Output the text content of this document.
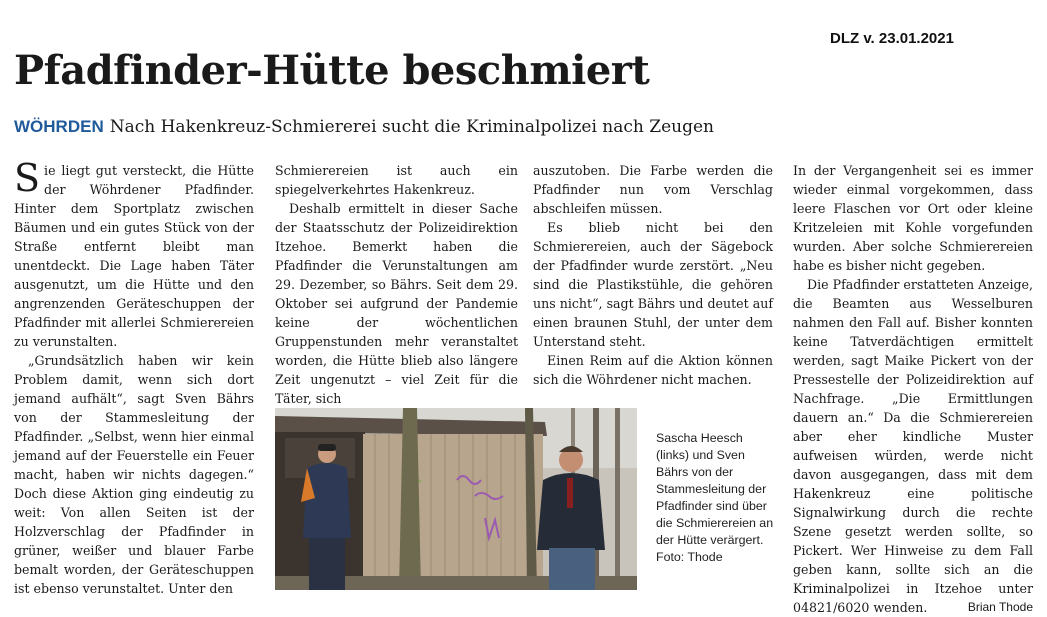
DLZ v. 23.01.2021
Pfadfinder-Hütte beschmiert
WÖHRDEN Nach Hakenkreuz-Schmiererei sucht die Kriminalpolizei nach Zeugen

Sie liegt gut versteckt, die Hütte der Wöhrdener Pfadfinder. Hinter dem Sportplatz zwischen Bäumen und ein gutes Stück von der Straße entfernt bleibt man unentdeckt. Die Lage haben Täter ausgenutzt, um die Hütte und den angrenzenden Geräteschuppen der Pfadfinder mit allerlei Schmierereien zu verunstalten.

„Grundsätzlich haben wir kein Problem damit, wenn sich dort jemand aufhält“, sagt Sven Bährs von der Stammesleitung der Pfadfinder. „Selbst, wenn hier einmal jemand auf der Feuerstelle ein Feuer macht, haben wir nichts dagegen.“ Doch diese Aktion ging eindeutig zu weit: Von allen Seiten ist der Holzverschlag der Pfadfinder in grüner, weißer und blauer Farbe bemalt worden, der Geräteschuppen ist ebenso verunstaltet. Unter den

Schmierereien ist auch ein spiegelverkehrtes Hakenkreuz.

Deshalb ermittelt in dieser Sache der Staatsschutz der Polizeidirektion Itzehoe. Bemerkt haben die Pfadfinder die Verunstaltungen am 29. Dezember, so Bährs. Seit dem 29. Oktober sei aufgrund der Pandemie keine der wöchentlichen Gruppenstunden mehr veranstaltet worden, die Hütte blieb also längere Zeit ungenutzt – viel Zeit für die Täter, sich

auszutoben. Die Farbe werden die Pfadfinder nun vom Verschlag abschleifen müssen.

Es blieb nicht bei den Schmierereien, auch der Sägebock der Pfadfinder wurde zerstört. „Neu sind die Plastikstühle, die gehören uns nicht“, sagt Bährs und deutet auf einen braunen Stuhl, der unter dem Unterstand steht.

Einen Reim auf die Aktion können sich die Wöhrdener nicht machen.

In der Vergangenheit sei es immer wieder einmal vorgekommen, dass leere Flaschen vor Ort oder kleine Kritzeleien mit Kohle vorgefunden wurden. Aber solche Schmierereien habe es bisher nicht gegeben.

Die Pfadfinder erstatteten Anzeige, die Beamten aus Wesselburen nahmen den Fall auf. Bisher konnten keine Tatverdächtigen ermittelt werden, sagt Maike Pickert von der Pressestelle der Polizeidirektion auf Nachfrage. „Die Ermittlungen dauern an.“ Da die Schmierereien aber eher kindliche Muster aufweisen würden, werde nicht davon ausgegangen, dass mit dem Hakenkreuz eine politische Signalwirkung durch die rechte Szene gesetzt werden sollte, so Pickert. Wer Hinweise zu dem Fall geben kann, sollte sich an die Kriminalpolizei in Itzehoe unter 04821/6020 wenden.	Brian Thode

Sascha Heesch (links) und Sven Bährs von der Stammesleitung der Pfadfinder sind über die Schmierereien an der Hütte verärgert.
Foto: Thode
